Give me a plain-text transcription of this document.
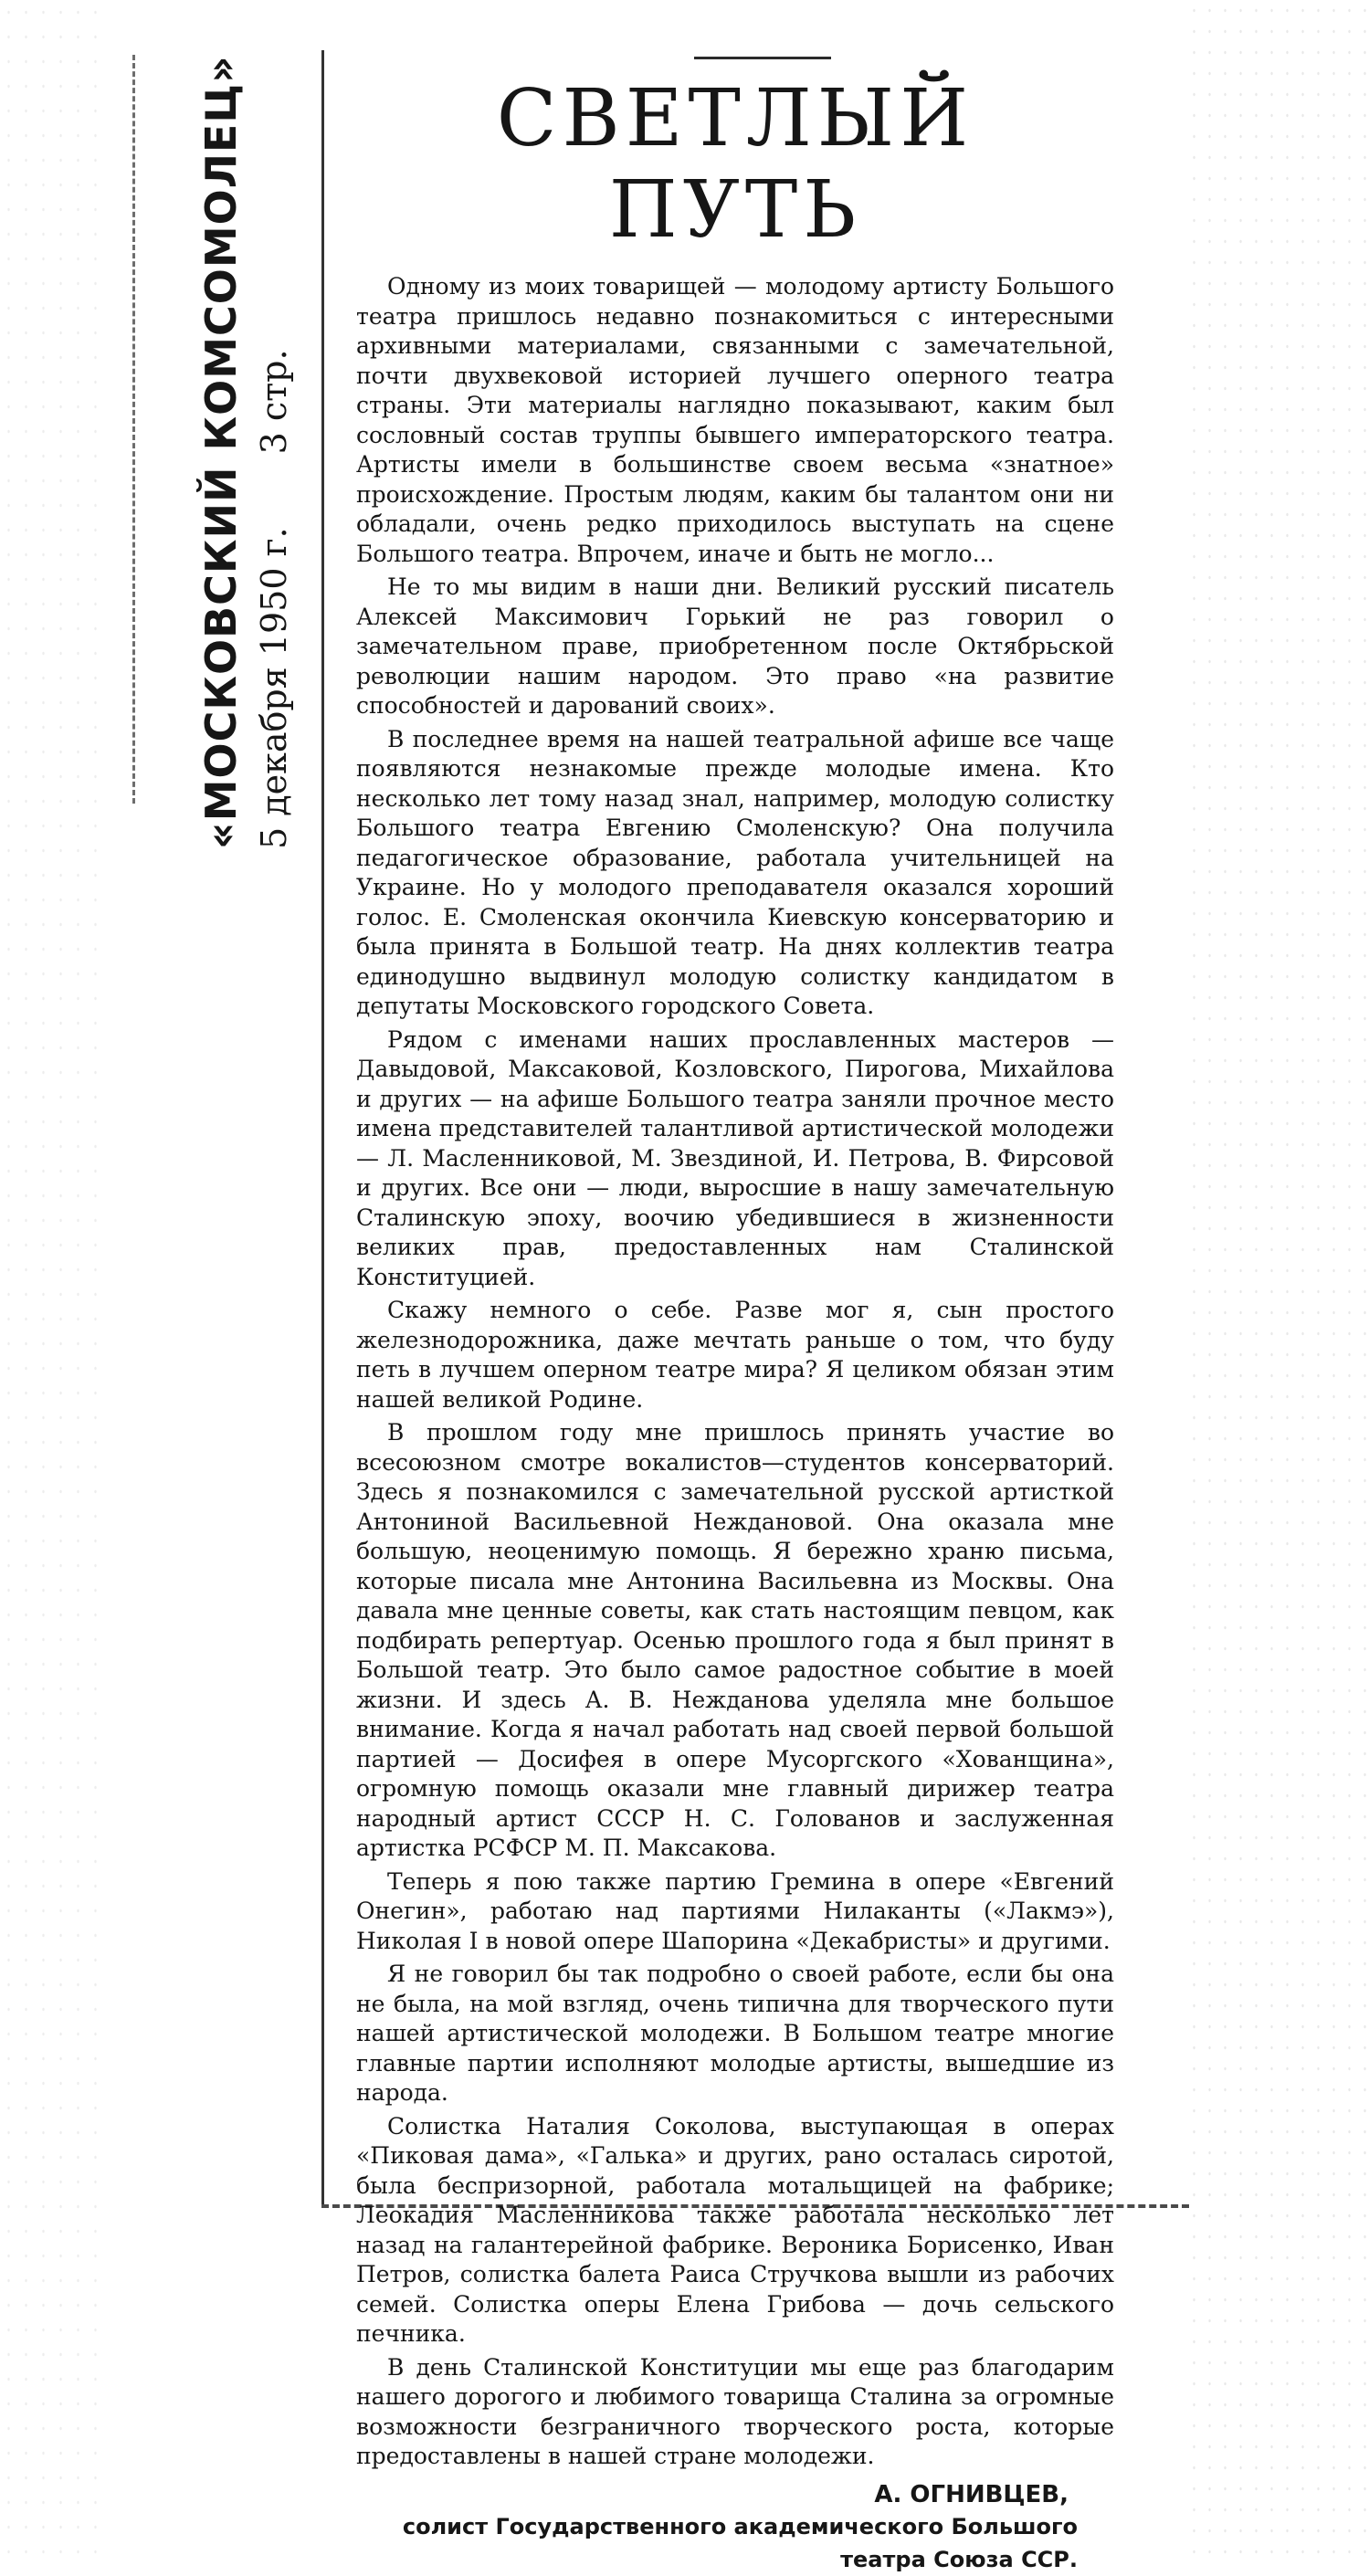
«МОСКОВСКИЙ КОМСОМОЛЕЦ» 5 декабря 1950 г.
3 стр.
СВЕТЛЫЙ ПУТЬ

Одному из моих товарищей — молодому артисту Большого театра пришлось недавно познакомиться с интересными архивными материалами, связанными с замечательной, почти двухвековой историей лучшего оперного театра страны. Эти материалы наглядно показывают, каким был сословный состав труппы бывшего императорского театра. Артисты имели в большинстве своем весьма «знатное» происхождение. Простым людям, каким бы талантом они ни обладали, очень редко приходилось выступать на сцене Большого театра. Впрочем, иначе и быть не могло...

Не то мы видим в наши дни. Великий русский писатель Алексей Максимович Горький не раз говорил о замечательном праве, приобретенном после Октябрьской революции нашим народом. Это право «на развитие способностей и дарований своих».

В последнее время на нашей театральной афише все чаще появляются незнакомые прежде молодые имена. Кто несколько лет тому назад знал, например, молодую солистку Большого театра Евгению Смоленскую? Она получила педагогическое образование, работала учительницей на Украине. Но у молодого преподавателя оказался хороший голос. Е. Смоленская окончила Киевскую консерваторию и была принята в Большой театр. На днях коллектив театра единодушно выдвинул молодую солистку кандидатом в депутаты Московского городского Совета.

Рядом с именами наших прославленных мастеров — Давыдовой, Максаковой, Козловского, Пирогова, Михайлова и других — на афише Большого театра заняли прочное место имена представителей талантливой артистической молодежи — Л. Масленниковой, М. Звездиной, И. Петрова, В. Фирсовой и других. Все они — люди, выросшие в нашу замечательную Сталинскую эпоху, воочию убедившиеся в жизненности великих прав, предоставленных нам Сталинской Конституцией.

Скажу немного о себе. Разве мог я, сын простого железнодорожника, даже мечтать раньше о том, что буду петь в лучшем оперном театре мира? Я целиком обязан этим нашей великой Родине.

В прошлом году мне пришлось принять участие во всесоюзном смотре вокалистов—студентов консерваторий. Здесь я познакомился с замечательной русской артисткой Антониной Васильевной Неждановой. Она оказала мне большую, неоценимую помощь. Я бережно храню письма, которые писала мне Антонина Васильевна из Москвы. Она давала мне ценные советы, как стать настоящим певцом, как подбирать репертуар. Осенью прошлого года я был принят в Большой театр. Это было самое радостное событие в моей жизни. И здесь А. В. Нежданова уделяла мне большое внимание. Когда я начал работать над своей первой большой партией — Досифея в опере Мусоргского «Хованщина», огромную помощь оказали мне главный дирижер театра народный артист СССР Н. С. Голованов и заслуженная артистка РСФСР М. П. Максакова.

Теперь я пою также партию Гремина в опере «Евгений Онегин», работаю над партиями Нилаканты («Лакмэ»), Николая I в новой опере Шапорина «Декабристы» и другими.

Я не говорил бы так подробно о своей работе, если бы она не была, на мой взгляд, очень типична для творческого пути нашей артистической молодежи. В Большом театре многие главные партии исполняют молодые артисты, вышедшие из народа.

Солистка Наталия Соколова, выступающая в операх «Пиковая дама», «Галька» и других, рано осталась сиротой, была беспризорной, работала мотальщицей на фабрике; Леокадия Масленникова также работала несколько лет назад на галантерейной фабрике. Вероника Борисенко, Иван Петров, солистка балета Раиса Стручкова вышли из рабочих семей. Солистка оперы Елена Грибова — дочь сельского печника.

В день Сталинской Конституции мы еще раз благодарим нашего дорогого и любимого товарища Сталина за огромные возможности безграничного творческого роста, которые предоставлены в нашей стране молодежи.

А. ОГНИВЦЕВ,
солист Государственного академического Большого
театра Союза ССР.
